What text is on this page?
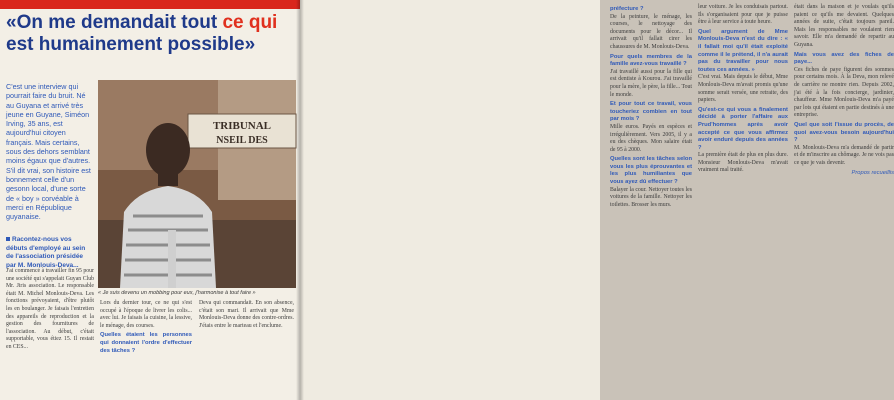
«On me demandait tout ce qui est humainement possible»

C'est une interview qui pourrait faire du bruit. Né au Guyana et arrivé très jeune en Guyane, Siméon Irving, 35 ans, est aujourd'hui citoyen français. Mais certains, sous des dehors semblant moins égaux que d'autres. S'il dit vrai, son histoire est bonnement celle d'un gesonn local, d'une sorte de « boy » corvéable à merci en République guyanaise.

TRIBUNAL
NSEIL DES
« Je suis devenu un mobbing pour eux, j'harmonise à tout faire »

Racontez-nous vos débuts d'employé au sein de l'association présidée par M. Monlouis-Deva...

J'ai commencé à travailler fin 95 pour une société qui s'appelait Guyan Club Mr. Jiris association. Le responsable était M. Michel Monlouis-Deva. Les fonctions prévoyaient, d'être plutôt les en boulanger. Je faisais l'entretien des appareils de reproduction et la gestion des fournitures de l'association. Au début, c'était supportable, vous étiez 15. Il restait en CES...

Lors du dernier tour, ce ne qui s'est occupé à l'époque de livrer les colis... avec lui. Je faisais la cuisine, la lessive, le ménage, des courses.
Quelles étaient les personnes qui donnaient l'ordre d'effectuer des tâches ?

Deva qui commandait. En son absence, c'était son mari. Il arrivait que Mme Monlouis-Deva donne des contre-ordres. J'étais entre le marteau et l'enclume.

préfecture ?
De la peinture, le ménage, les courses, le nettoyage des documents pour le décor... Il arrivait qu'il fallait cirer les chaussures de M. Monlouis-Deva.
Pour quels membres de la famille avez-vous travaillé ?
J'ai travaillé aussi pour la fille qui est dentiste à Kourou. J'ai travaillé pour la mère, le père, la fille... Tout le monde.
Et pour tout ce travail, vous toucheriez combien en tout par mois ?
Mille euros. Payés en espèces et irrégulièrement. Vers 2005, il y a eu des chèques. Mon salaire était de 95 à 2000.
Quelles sont les tâches selon vous les plus éprouvantes et les plus humiliantes que vous ayez dû effectuer ?
Balayer la cour. Nettoyer toutes les voitures de la famille. Nettoyer les toilettes. Brosser les murs.
leur voiture. Je les conduisais partout. Ils s'organisaient pour que je puisse être à leur service à toute heure.
Quel argument de Mme Monlouis-Deva n'est du dire : « il fallait moi qu'il était exploité comme il le prétend, il n'a aurait pas du travailler pour nous toutes ces années. »
C'est vrai. Mais depuis le début, Mme Monlouis-Deva m'avait promis qu'une somme serait versée, une retraite, des papiers.
Qu'est-ce qui vous a finalement décidé à porter l'affaire aux Prud'hommes après avoir accepté ce que vous affirmez avoir enduré depuis des années ?
La première était de plus en plus dure. Monsieur Monlouis-Deva m'avait vraiment mal traité.
était dans la maison et je voulais qu'ils paient ce qu'ils me devaient. Quelques années de suite, c'était toujours pareil. Mais les responsables ne voulaient rien savoir. Elle m'a demandé de repartir au Guyana.
Mais vous avez des fiches de paye...
Ces fiches de paye figurent des sommes pour certains mois. À la Deva, mon relevé de carrière ne montre rien. Depuis 2002, j'ai été à la fois concierge, jardinier, chauffeur. Mme Monlouis-Deva m'a payé par lots qui étaient en partie destinés à une entreprise.
Quel que soit l'issue du procès, de quoi avez-vous besoin aujourd'hui ?
M. Monlouis-Deva m'a demandé de partir et de m'inscrire au chômage. Je ne vois pas ce que je vais devenir.
Propos recueillis
